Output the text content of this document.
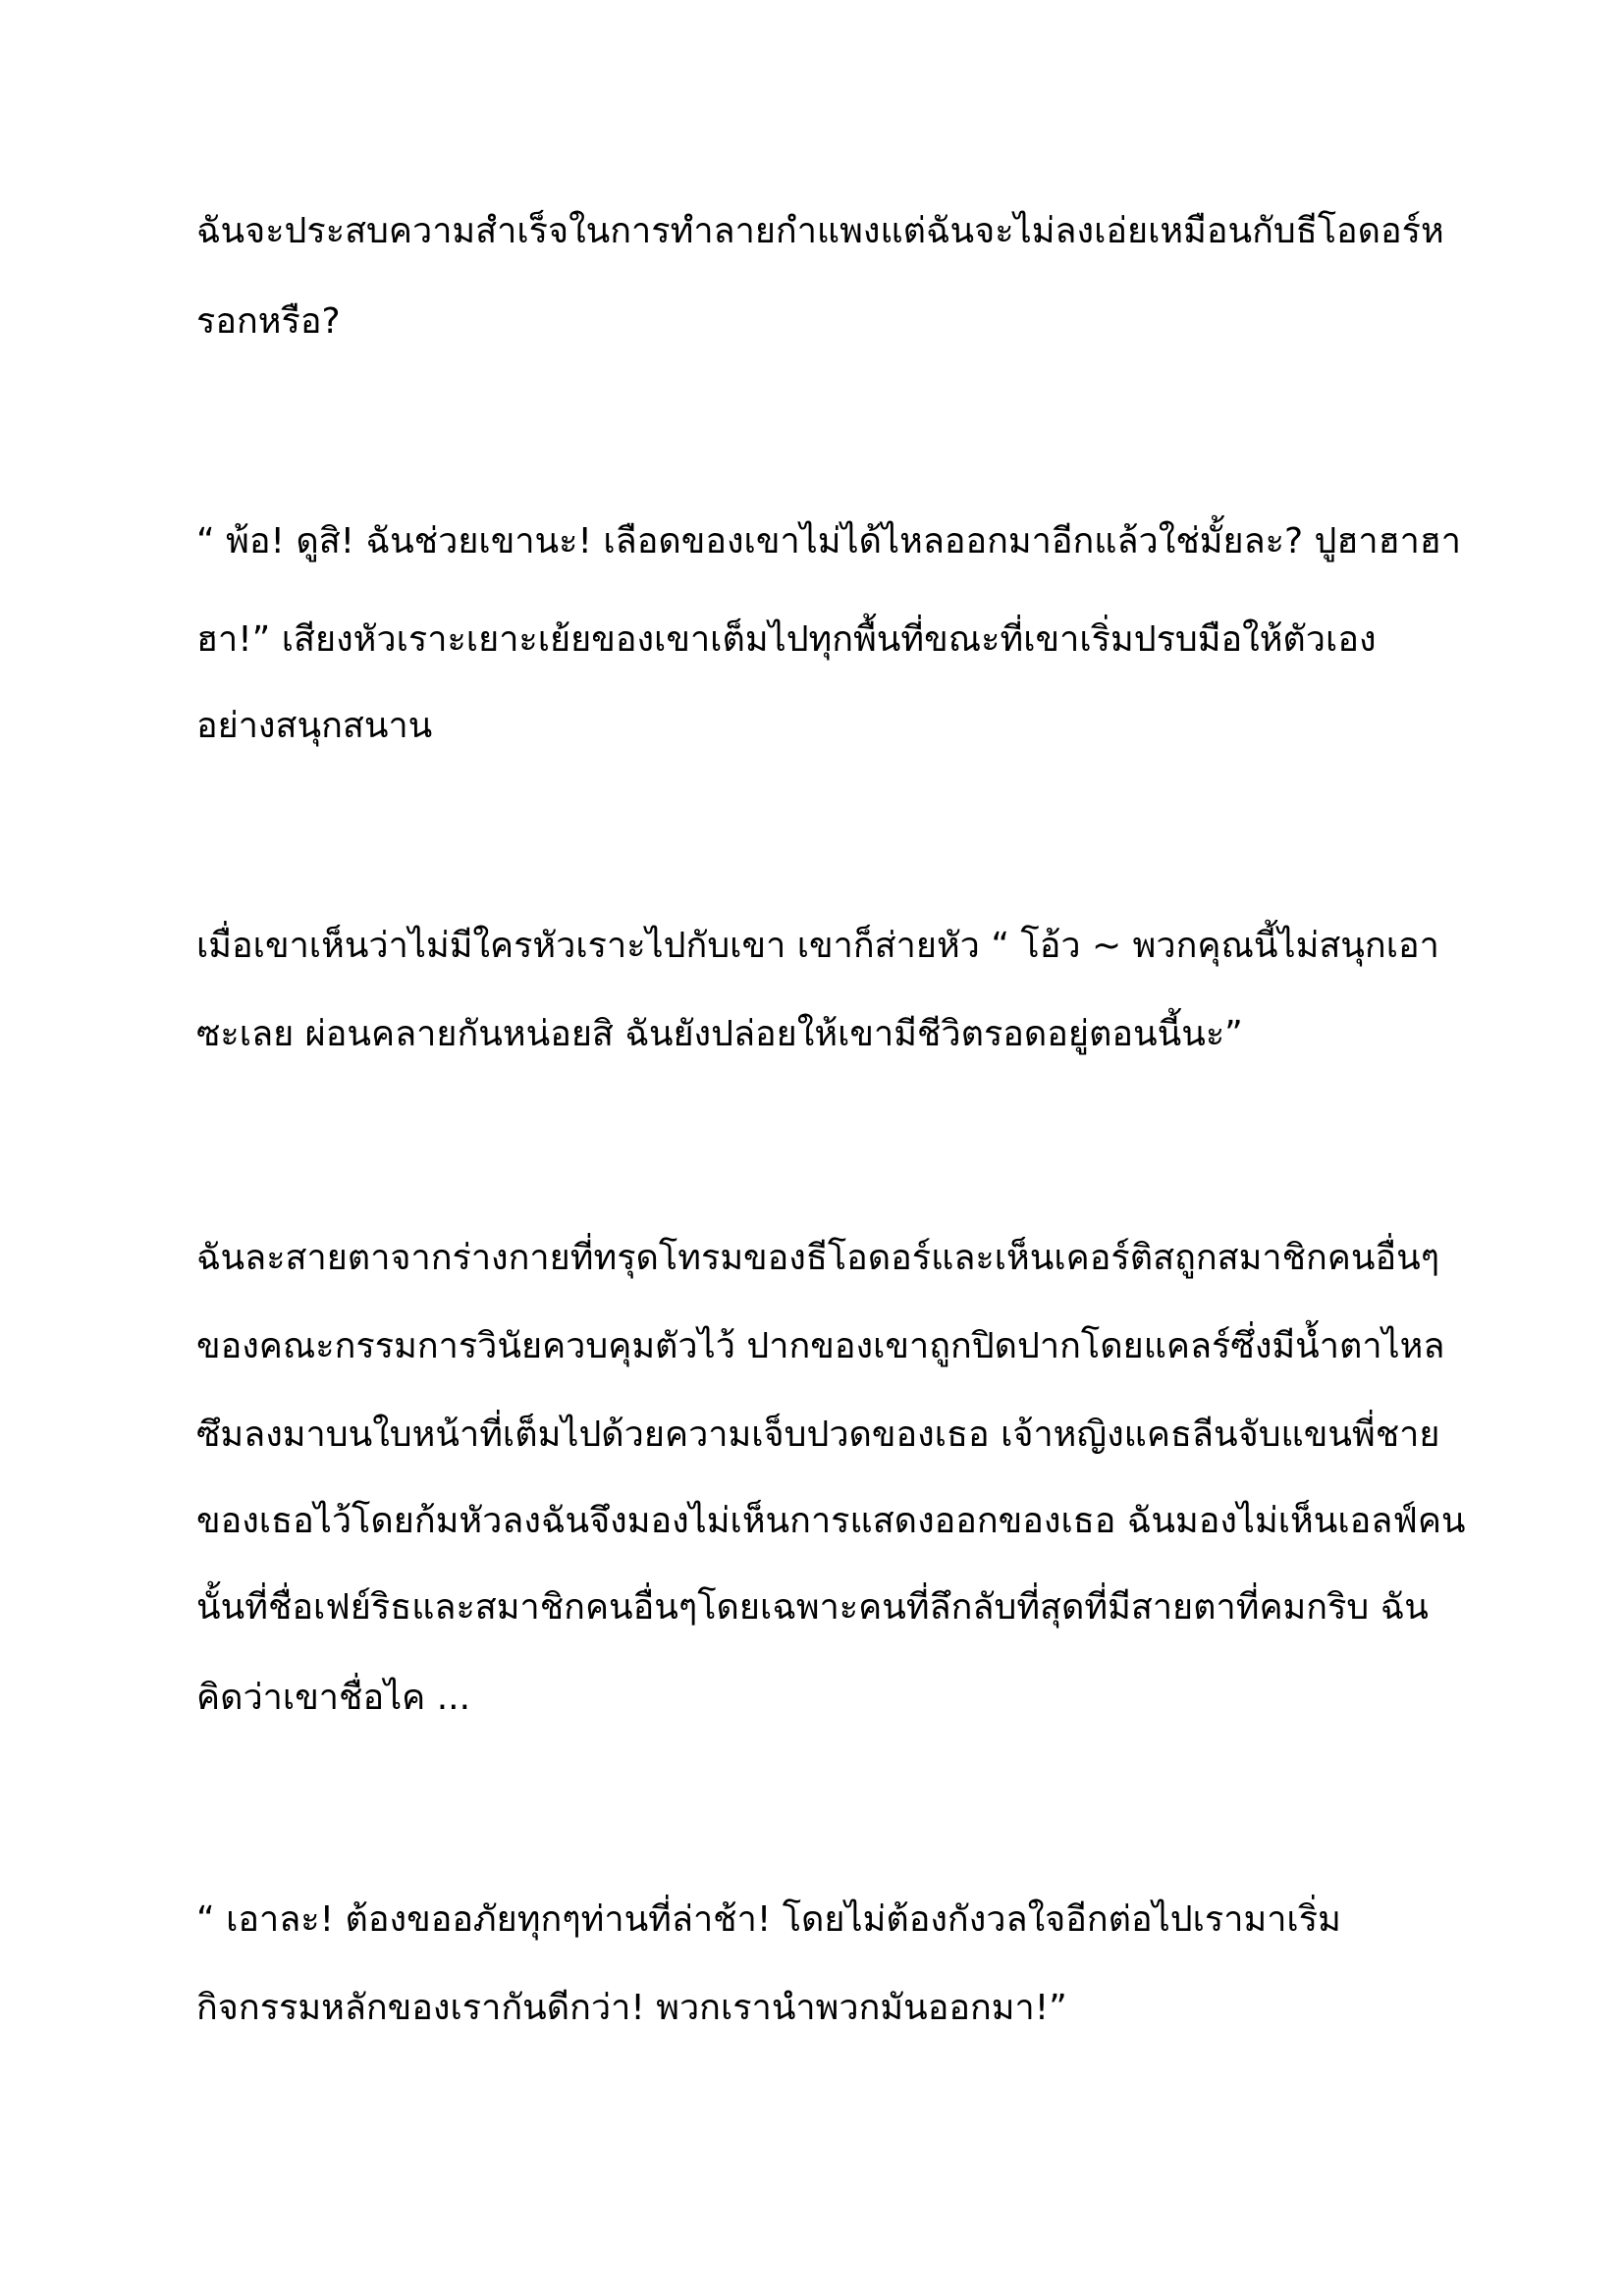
ฉันจะประสบความสำเร็จในการทำลายกำแพงแต่ฉันจะไม่ลงเอ่ยเหมือนกับธีโอดอร์ห

รอกหรือ?

“ พ้อ! ดูสิ! ฉันช่วยเขานะ! เลือดของเขาไม่ได้ไหลออกมาอีกแล้วใช่มั้ยละ? ปูฮาฮาฮา

ฮา!” เสียงหัวเราะเยาะเย้ยของเขาเต็มไปทุกพื้นที่ขณะที่เขาเริ่มปรบมือให้ตัวเอง

อย่างสนุกสนาน

เมื่อเขาเห็นว่าไม่มีใครหัวเราะไปกับเขา เขาก็ส่ายหัว “ โอ้ว ~ พวกคุณนี้ไม่สนุกเอา

ซะเลย ผ่อนคลายกันหน่อยสิ ฉันยังปล่อยให้เขามีชีวิตรอดอยู่ตอนนี้นะ”

ฉันละสายตาจากร่างกายที่ทรุดโทรมของธีโอดอร์และเห็นเคอร์ติสถูกสมาชิกคนอื่นๆ

ของคณะกรรมการวินัยควบคุมตัวไว้ ปากของเขาถูกปิดปากโดยแคลร์ซึ่งมีน้ำตาไหล

ซึมลงมาบนใบหน้าที่เต็มไปด้วยความเจ็บปวดของเธอ เจ้าหญิงแคธลีนจับแขนพี่ชาย

ของเธอไว้โดยก้มหัวลงฉันจึงมองไม่เห็นการแสดงออกของเธอ ฉันมองไม่เห็นเอลฟ์คน

นั้นที่ชื่อเฟย์ริธและสมาชิกคนอื่นๆโดยเฉพาะคนที่ลึกลับที่สุดที่มีสายตาที่คมกริบ ฉัน

คิดว่าเขาชื่อไค ...

“ เอาละ! ต้องขออภัยทุกๆท่านที่ล่าช้า! โดยไม่ต้องกังวลใจอีกต่อไปเรามาเริ่ม

กิจกรรมหลักของเรากันดีกว่า! พวกเรานำพวกมันออกมา!”
